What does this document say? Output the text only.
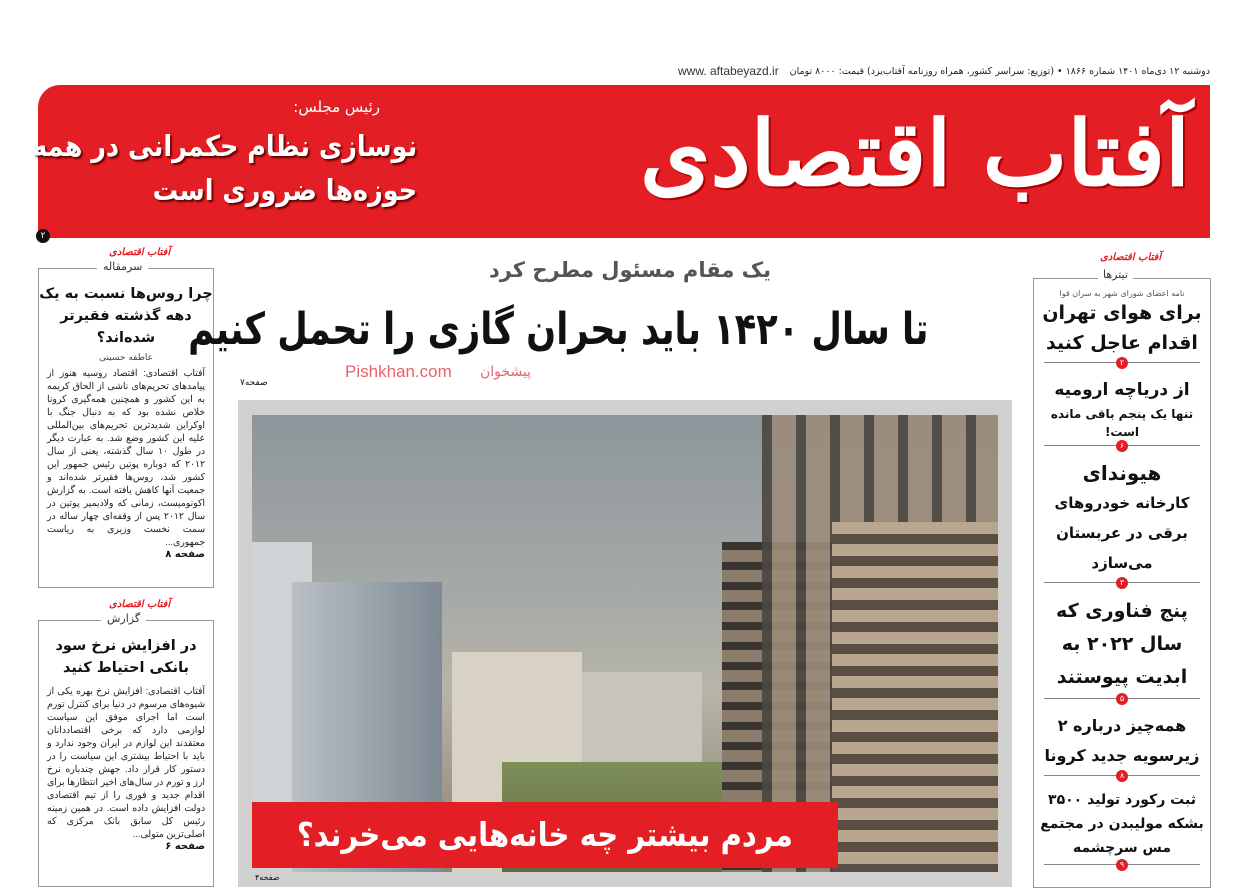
دوشنبه ۱۲ دی‌ماه ۱۴۰۱ شماره ۱۸۶۶ • (توزیع: سراسر کشور، همراه روزنامه آفتاب‌یزد) قیمت: ۸۰۰۰ تومان
www. aftabeyazd.ir
آفتاب اقتصادی
رئیس مجلس:
نوسازی نظام حکمرانی در همه حوزه‌ها ضروری است
۲
آفتاب اقتصادی
سرمقاله
چرا روس‌ها نسبت به یک دهه گذشته فقیرتر شده‌اند؟
عاطفه حسینی
آفتاب اقتصادی: اقتصاد روسیه هنوز از پیامدهای تحریم‌های ناشی از الحاق کریمه به این کشور و همچنین همه‌گیری کرونا خلاص نشده بود که به دنبال جنگ با اوکراین شدیدترین تحریم‌های بین‌المللی علیه این کشور وضع شد. به عبارت دیگر در طول ۱۰ سال گذشته، یعنی از سال ۲۰۱۲ که دوباره پوتین رئیس جمهور این کشور شد، روس‌ها فقیرتر شده‌اند و جمعیت آنها کاهش یافته است. به گزارش اکونومیست، زمانی که ولادیمیر پوتین در سال ۲۰۱۲ پس از وقفه‌ای چهار ساله در سمت نخست وزیری به ریاست جمهوری...
صفحه ۸
آفتاب اقتصادی
گزارش
در افزایش نرخ سود بانکی احتیاط کنید
آفتاب اقتصادی: افزایش نرخ بهره یکی از شیوه‌های مرسوم در دنیا برای کنترل تورم است اما اجرای موفق این سیاست لوازمی دارد که برخی اقتصاددانان معتقدند این لوازم در ایران وجود ندارد و باید با احتیاط بیشتری این سیاست را در دستور کار قرار داد. جهش چندباره نرخ ارز و تورم در سال‌های اخیر انتظارها برای اقدام جدید و فوری را از تیم اقتصادی دولت افزایش داده است. در همین زمینه رئیس کل سابق بانک مرکزی که اصلی‌ترین متولی...
صفحه ۶
یک مقام مسئول مطرح کرد
تا سال ۱۴۲۰ باید بحران گازی را تحمل کنیم
صفحه۷
Pishkhan.com پیشخوان
مردم بیشتر چه خانه‌هایی می‌خرند؟
صفحه۴
نامه اعضای شورای شهر به سران قوا
برای هوای تهران اقدام عاجل کنید
۲
از دریاچه ارومیه
تنها یک پنجم باقی مانده است!
۶
هیوندای
کارخانه خودروهای برقی در عربستان می‌سازد
۳
پنج فناوری که سال ۲۰۲۲ به ابدیت پیوستند
۵
همه‌چیز درباره ۲ زیرسویه جدید کرونا
۸
ثبت رکورد تولید ۳۵۰۰ بشکه مولیبدن در مجتمع مس سرچشمه
۹
آفتاب اقتصادی
تیترها
